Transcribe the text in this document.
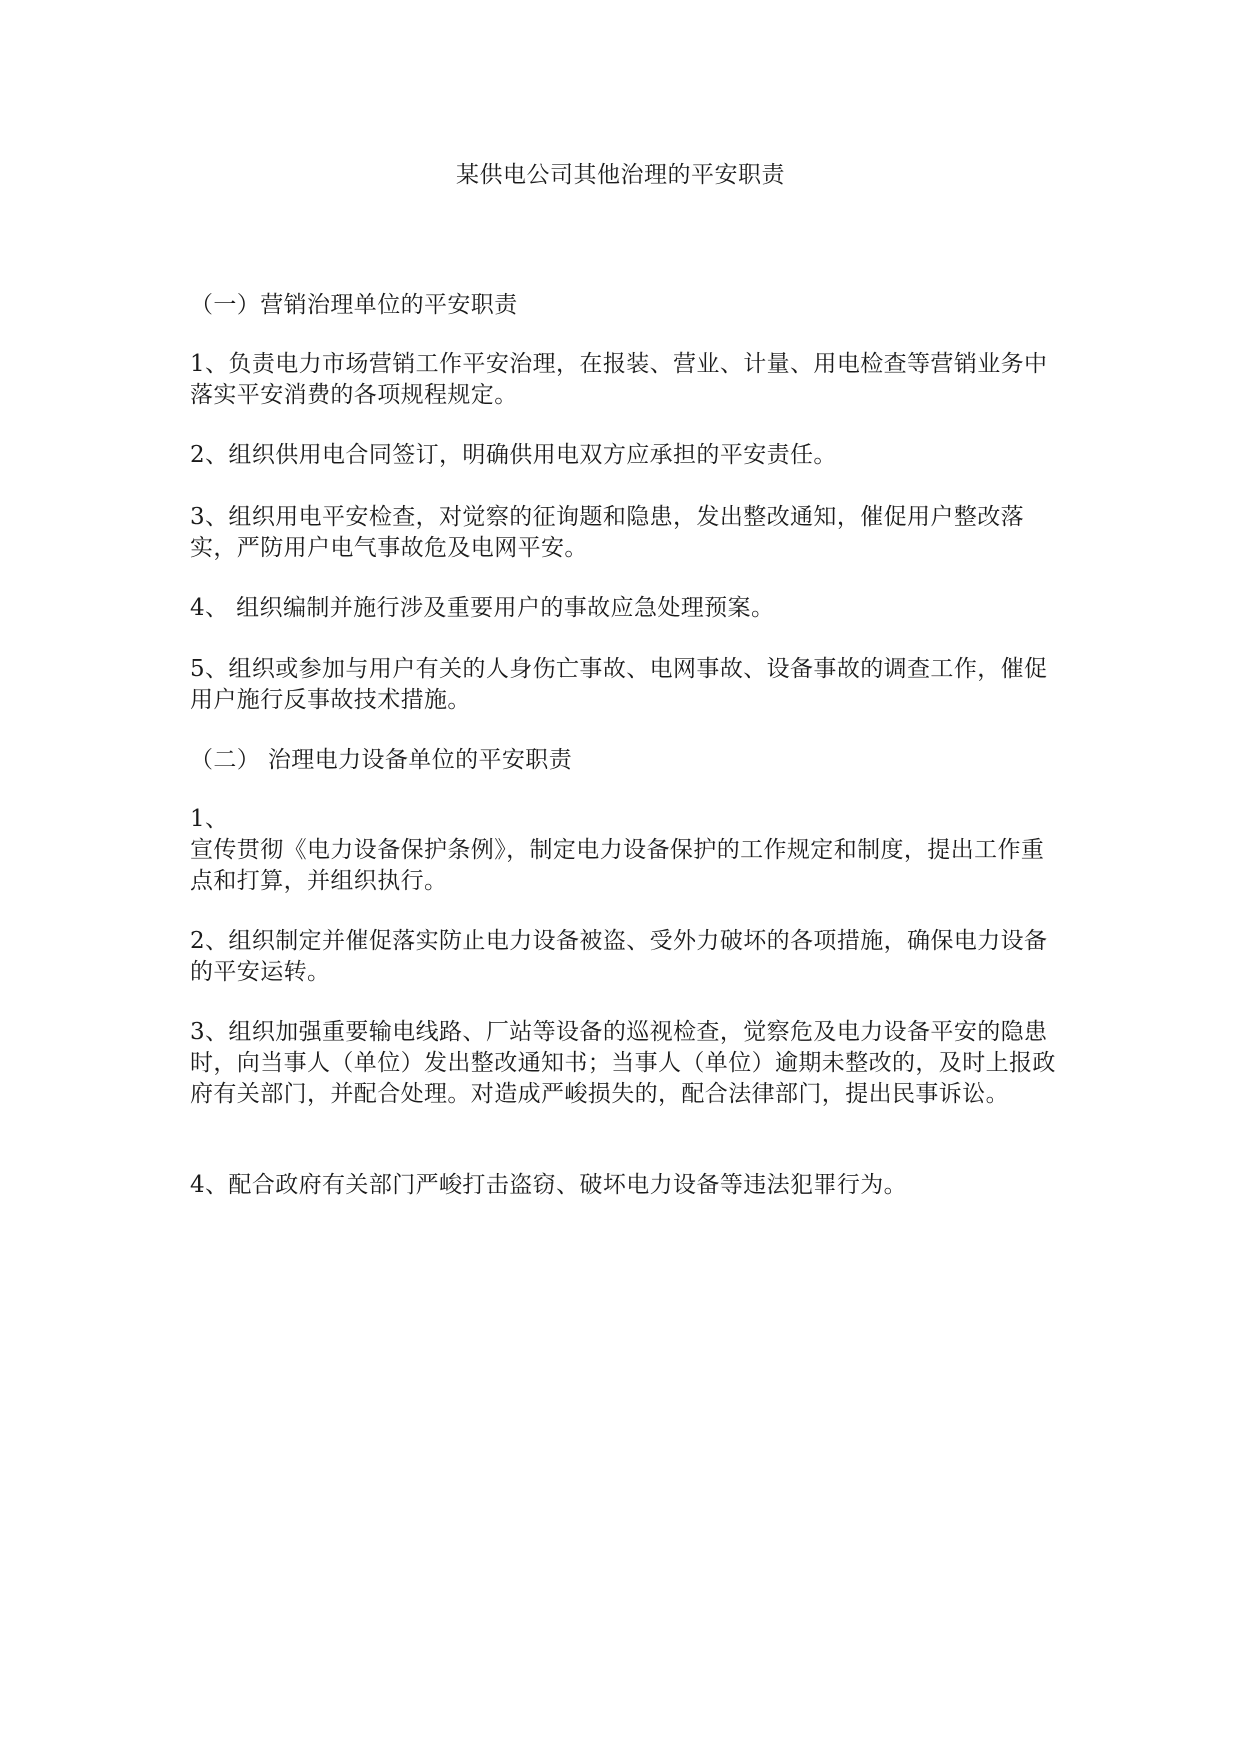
某供电公司其他治理的平安职责

（一）营销治理单位的平安职责

1、负责电力市场营销工作平安治理，在报装、营业、计量、用电检查等营销业务中落实平安消费的各项规程规定。

2、组织供用电合同签订，明确供用电双方应承担的平安责任。

3、组织用电平安检查，对觉察的征询题和隐患，发出整改通知，催促用户整改落实，严防用户电气事故危及电网平安。

4、 组织编制并施行涉及重要用户的事故应急处理预案。

5、组织或参加与用户有关的人身伤亡事故、电网事故、设备事故的调查工作，催促用户施行反事故技术措施。

（二） 治理电力设备单位的平安职责

1、
宣传贯彻《电力设备保护条例》，制定电力设备保护的工作规定和制度，提出工作重点和打算，并组织执行。

2、组织制定并催促落实防止电力设备被盗、受外力破坏的各项措施，确保电力设备的平安运转。

3、组织加强重要输电线路、厂站等设备的巡视检查，觉察危及电力设备平安的隐患时，向当事人（单位）发出整改通知书；当事人（单位）逾期未整改的，及时上报政府有关部门，并配合处理。对造成严峻损失的，配合法律部门，提出民事诉讼。

4、配合政府有关部门严峻打击盗窃、破坏电力设备等违法犯罪行为。
